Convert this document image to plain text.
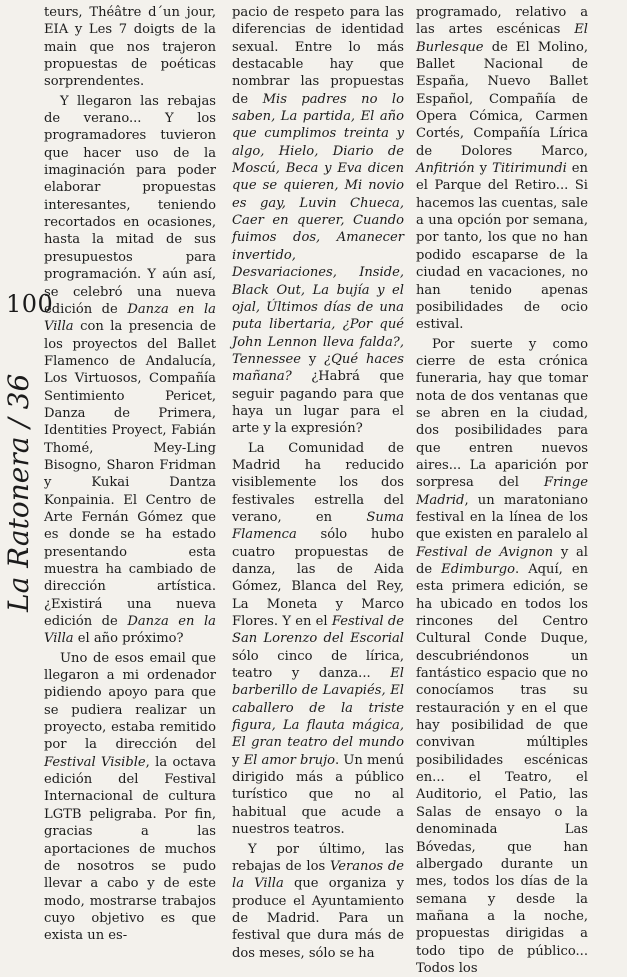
100
La Ratonera / 36

teurs, Théâtre d´un jour, EIA y Les 7 doigts de la main que nos trajeron propuestas de poéticas sorprendentes.

Y llegaron las rebajas de verano... Y los programadores tuvieron que hacer uso de la imaginación para poder elaborar propuestas interesantes, teniendo recortados en ocasiones, hasta la mitad de sus presupuestos para programación. Y aún así, se celebró una nueva edición de Danza en la Villa con la presencia de los proyectos del Ballet Flamenco de Andalucía, Los Virtuosos, Compañía Sentimiento Pericet, Danza de Primera, Identities Proyect, Fabián Thomé, Mey-Ling Bisogno, Sharon Fridman y Kukai Dantza Konpainia. El Centro de Arte Fernán Gómez que es donde se ha estado presentando esta muestra ha cambiado de dirección artística. ¿Existirá una nueva edición de Danza en la Villa el año próximo?

Uno de esos email que llegaron a mi ordenador pidiendo apoyo para que se pudiera realizar un proyecto, estaba remitido por la dirección del Festival Visible, la octava edición del Festival Internacional de cultura LGTB peligraba. Por fin, gracias a las aportaciones de muchos de nosotros se pudo llevar a cabo y de este modo, mostrarse trabajos cuyo objetivo es que exista un es-

pacio de respeto para las diferencias de identidad sexual. Entre lo más destacable hay que nombrar las propuestas de Mis padres no lo saben, La partida, El año que cumplimos treinta y algo, Hielo, Diario de Moscú, Beca y Eva dicen que se quieren, Mi novio es gay, Luvin Chueca, Caer en querer, Cuando fuimos dos, Amanecer invertido, Desvariaciones, Inside, Black Out, La bujía y el ojal, Últimos días de una puta libertaria, ¿Por qué John Lennon lleva falda?, Tennessee y ¿Qué haces mañana? ¿Habrá que seguir pagando para que haya un lugar para el arte y la expresión?

La Comunidad de Madrid ha reducido visiblemente los dos festivales estrella del verano, en Suma Flamenca sólo hubo cuatro propuestas de danza, las de Aida Gómez, Blanca del Rey, La Moneta y Marco Flores. Y en el Festival de San Lorenzo del Escorial sólo cinco de lírica, teatro y danza... El barberillo de Lavapiés, El caballero de la triste figura, La flauta mágica, El gran teatro del mundo y El amor brujo. Un menú dirigido más a público turístico que no al habitual que acude a nuestros teatros.

Y por último, las rebajas de los Veranos de la Villa que organiza y produce el Ayuntamiento de Madrid. Para un festival que dura más de dos meses, sólo se ha

programado, relativo a las artes escénicas El Burlesque de El Molino, Ballet Nacional de España, Nuevo Ballet Español, Compañía de Opera Cómica, Carmen Cortés, Compañía Lírica de Dolores Marco, Anfitrión y Titirimundi en el Parque del Retiro... Si hacemos las cuentas, sale a una opción por semana, por tanto, los que no han podido escaparse de la ciudad en vacaciones, no han tenido apenas posibilidades de ocio estival.

Por suerte y como cierre de esta crónica funeraria, hay que tomar nota de dos ventanas que se abren en la ciudad, dos posibilidades para que entren nuevos aires... La aparición por sorpresa del Fringe Madrid, un maratoniano festival en la línea de los que existen en paralelo al Festival de Avignon y al de Edimburgo. Aquí, en esta primera edición, se ha ubicado en todos los rincones del Centro Cultural Conde Duque, descubriéndonos un fantástico espacio que no conocíamos tras su restauración y en el que hay posibilidad de que convivan múltiples posibilidades escénicas en... el Teatro, el Auditorio, el Patio, las Salas de ensayo o la denominada Las Bóvedas, que han albergado durante un mes, todos los días de la semana y desde la mañana a la noche, propuestas dirigidas a todo tipo de público... Todos los
